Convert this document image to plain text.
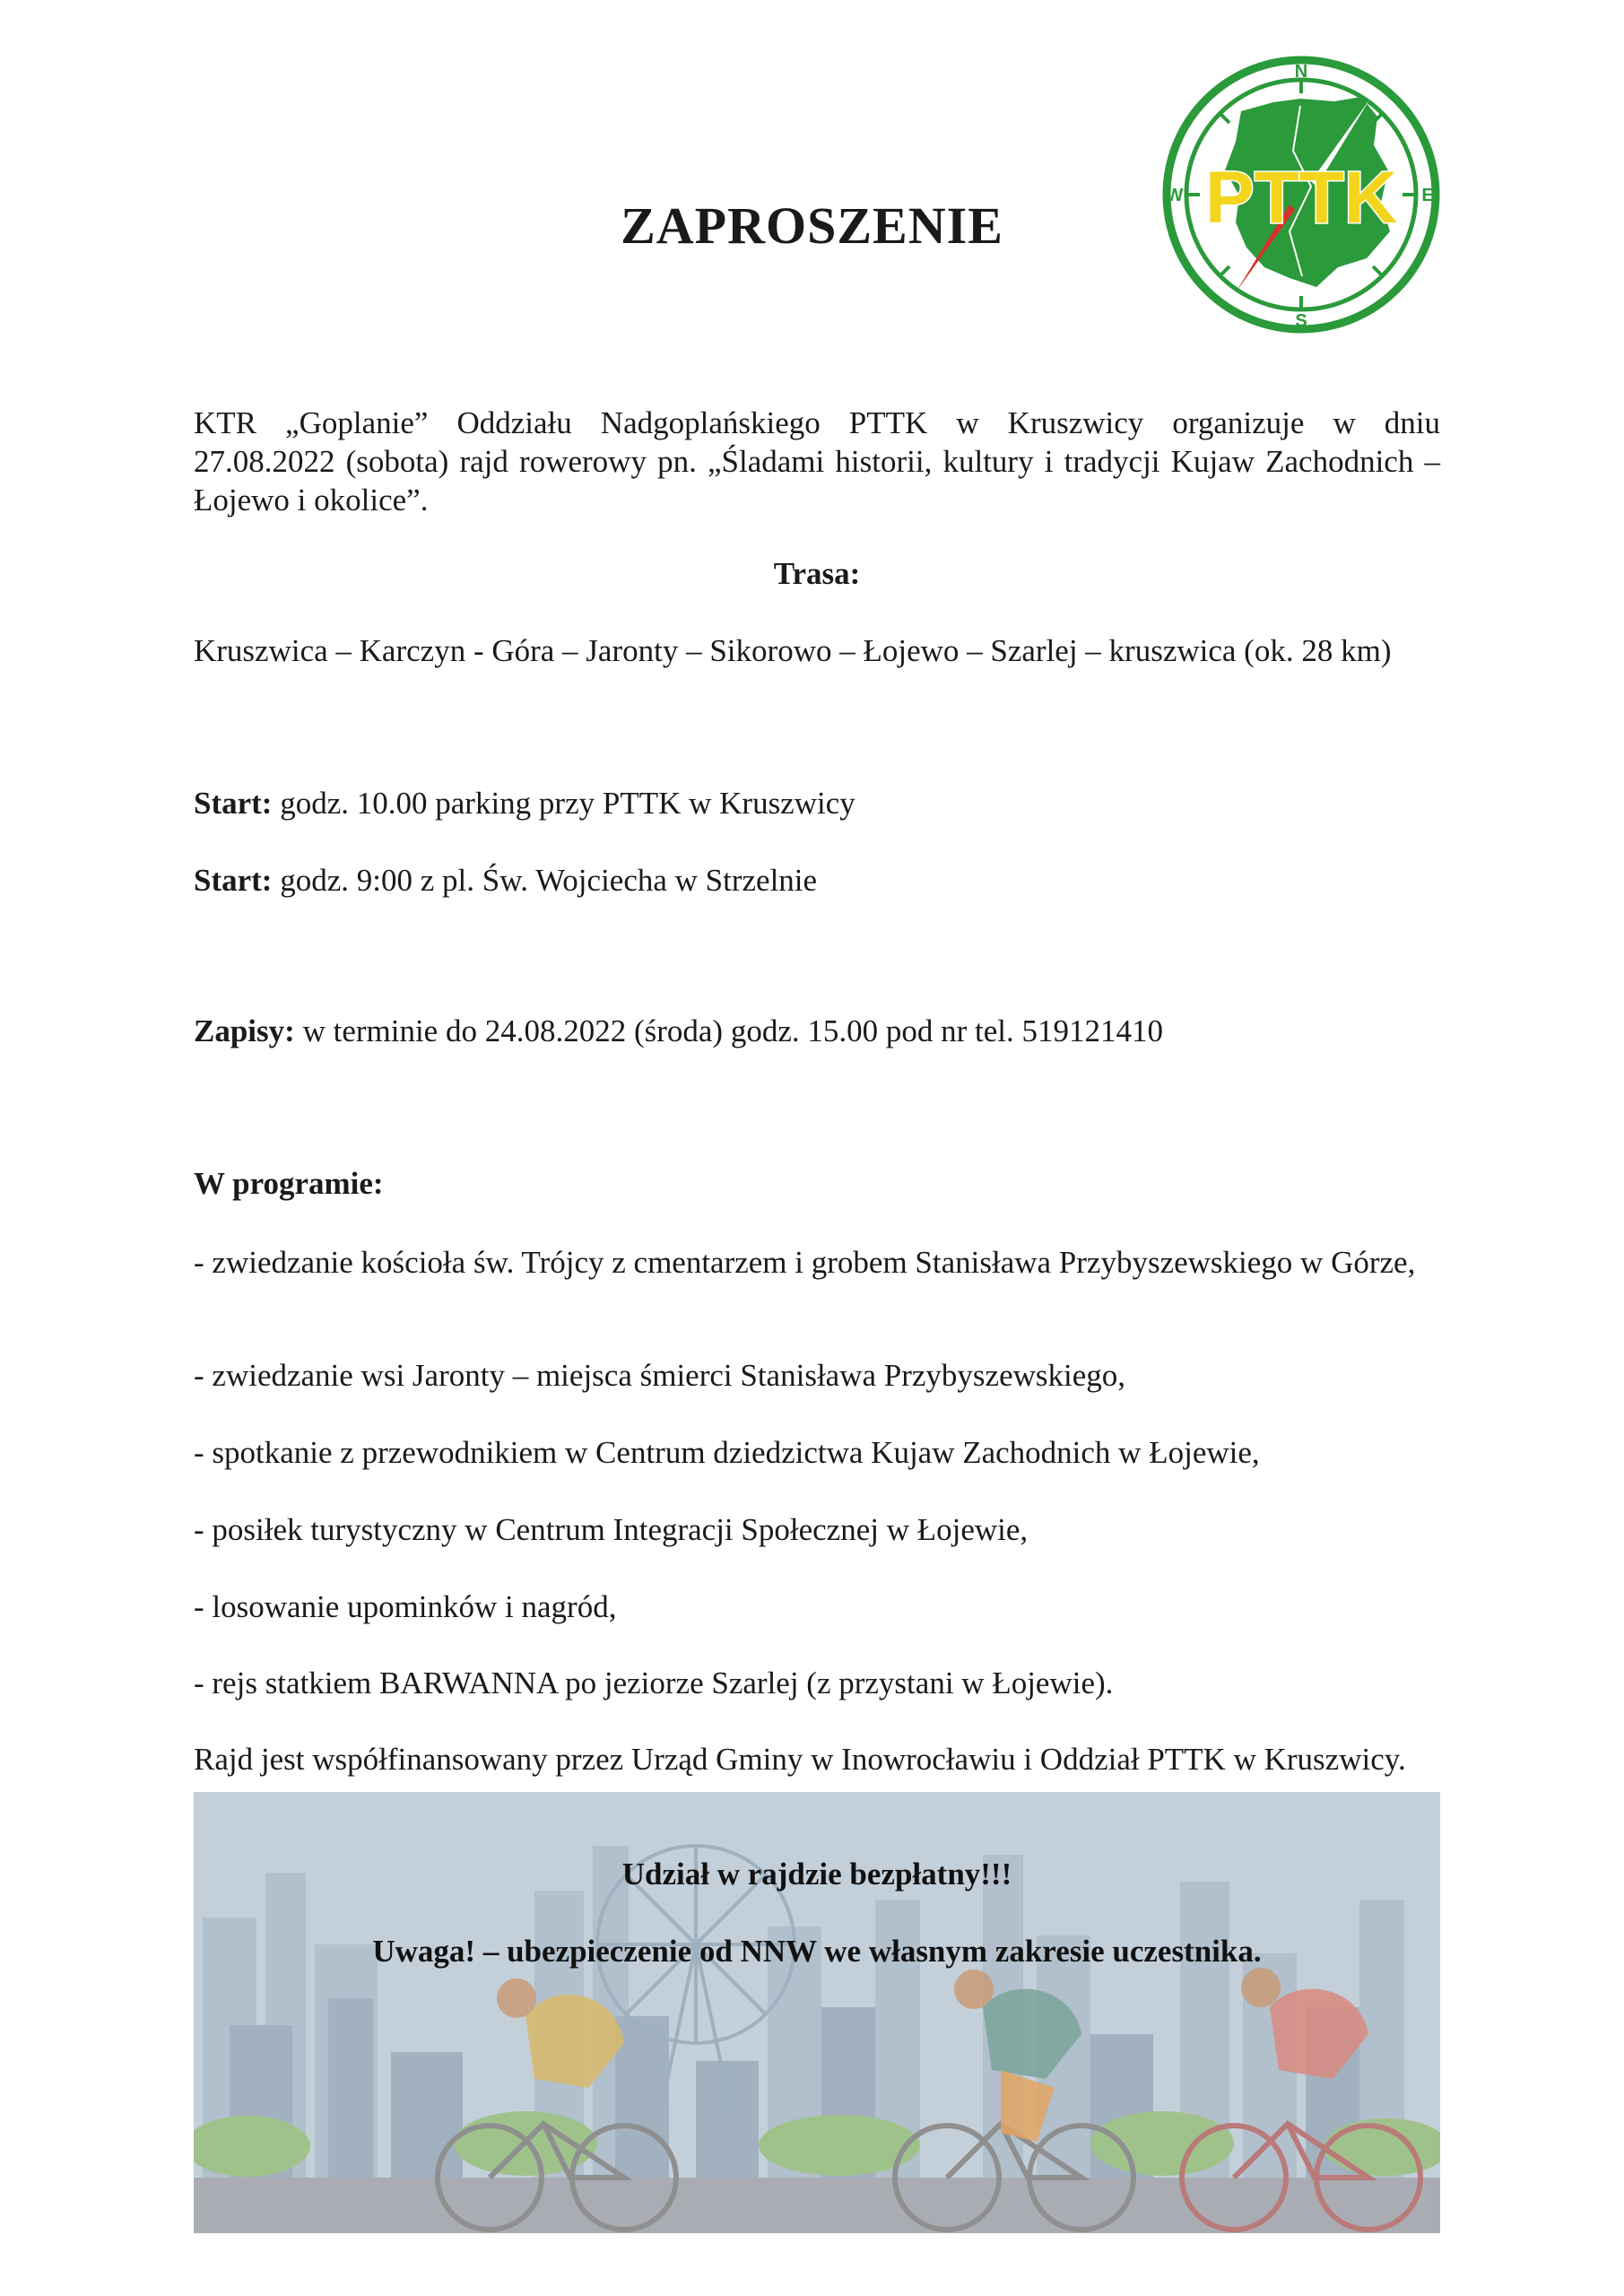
ZAPROSZENIE	PTTK
N
S
W	E

KTR „Goplanie” Oddziału Nadgoplańskiego PTTK w Kruszwicy organizuje w dniu
27.08.2022 (sobota) rajd rowerowy pn. „Śladami historii, kultury i tradycji Kujaw Zachodnich – Łojewo i okolice”.

Trasa:

Kruszwica – Karczyn - Góra – Jaronty – Sikorowo – Łojewo – Szarlej – kruszwica (ok. 28 km)

Start: godz. 10.00 parking przy PTTK w Kruszwicy

Start: godz. 9:00 z pl. Św. Wojciecha w Strzelnie

Zapisy: w terminie do 24.08.2022 (środa) godz. 15.00 pod nr tel. 519121410

W programie:

- zwiedzanie kościoła św. Trójcy z cmentarzem i grobem Stanisława Przybyszewskiego w Górze,

- zwiedzanie wsi Jaronty – miejsca śmierci Stanisława Przybyszewskiego,

- spotkanie z przewodnikiem w Centrum dziedzictwa Kujaw Zachodnich w Łojewie,

- posiłek turystyczny w Centrum Integracji Społecznej w Łojewie,

- losowanie upominków i nagród,

- rejs statkiem BARWANNA po jeziorze Szarlej (z przystani w Łojewie).

Rajd jest współfinansowany przez Urząd Gminy w Inowrocławiu i Oddział PTTK w Kruszwicy.

Udział w rajdzie bezpłatny!!!

Uwaga! – ubezpieczenie od NNW we własnym zakresie uczestnika.
